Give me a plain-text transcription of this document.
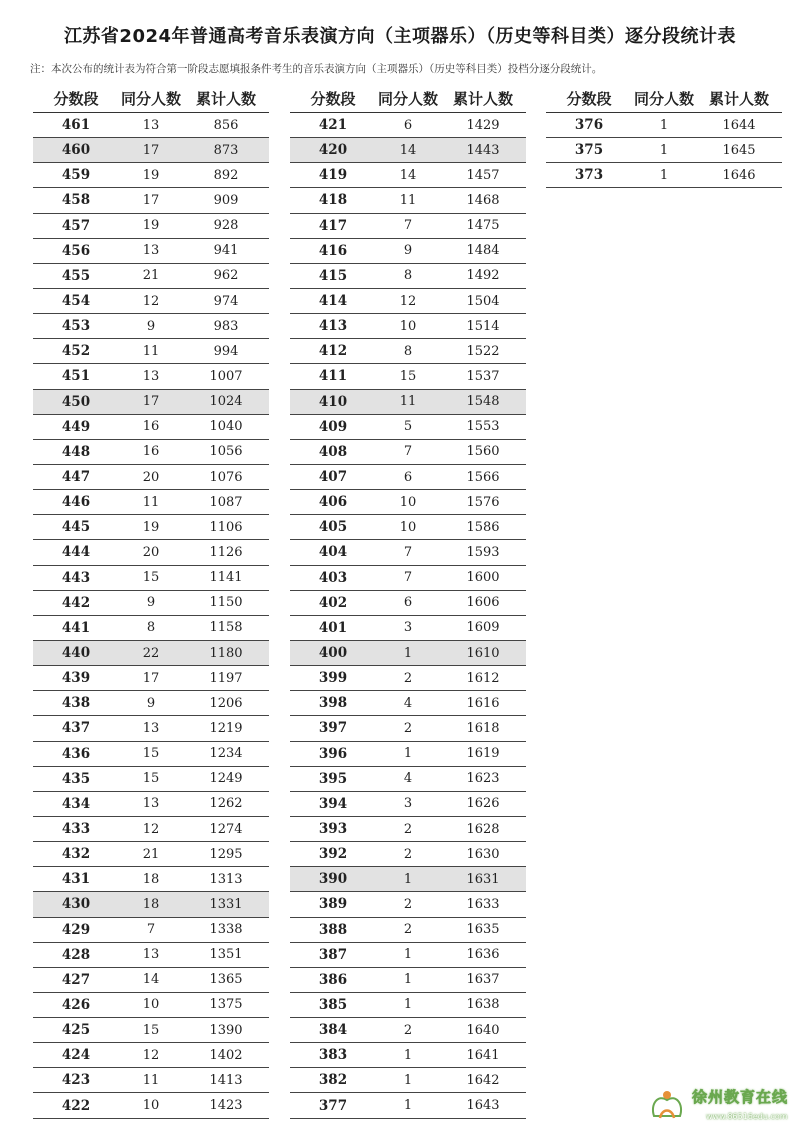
江苏省2024年普通高考音乐表演方向（主项器乐）（历史等科目类）逐分段统计表
注：本次公布的统计表为符合第一阶段志愿填报条件考生的音乐表演方向（主项器乐）（历史等科目类）投档分逐分段统计。
分数段	同分人数 累计人数
461	13	856
460	17	873
459	19	892
458	17	909
457	19	928
456	13	941
455	21	962
454	12	974
453	9	983
452	11	994
451	13	1007
450	17	1024
449	16	1040
448	16	1056
447	20	1076
446	11	1087
445	19	1106
444	20	1126
443	15	1141
442	9	1150
441	8	1158
440	22	1180
439	17	1197
438	9	1206
437	13	1219
436	15	1234
435	15	1249
434	13	1262
433	12	1274
432	21	1295
431	18	1313
430	18	1331
429	7	1338
428	13	1351
427	14	1365
426	10	1375
425	15	1390
424	12	1402
423	11	1413
422	10	1423
分数段	同分人数 累计人数
421	6	1429
420	14	1443
419	14	1457
418	11	1468
417	7	1475
416	9	1484
415	8	1492
414	12	1504
413	10	1514
412	8	1522
411	15	1537
410	11	1548
409	5	1553
408	7	1560
407	6	1566
406	10	1576
405	10	1586
404	7	1593
403	7	1600
402	6	1606
401	3	1609
400	1	1610
399	2	1612
398	4	1616
397	2	1618
396	1	1619
395	4	1623
394	3	1626
393	2	1628
392	2	1630
390	1	1631
389	2	1633
388	2	1635
387	1	1636
386	1	1637
385	1	1638
384	2	1640
383	1	1641
382	1	1642
377	1	1643
分数段	同分人数 累计人数
376	1	1644
375	1	1645
373	1	1646
徐州教育在线
www.86516edu.com
